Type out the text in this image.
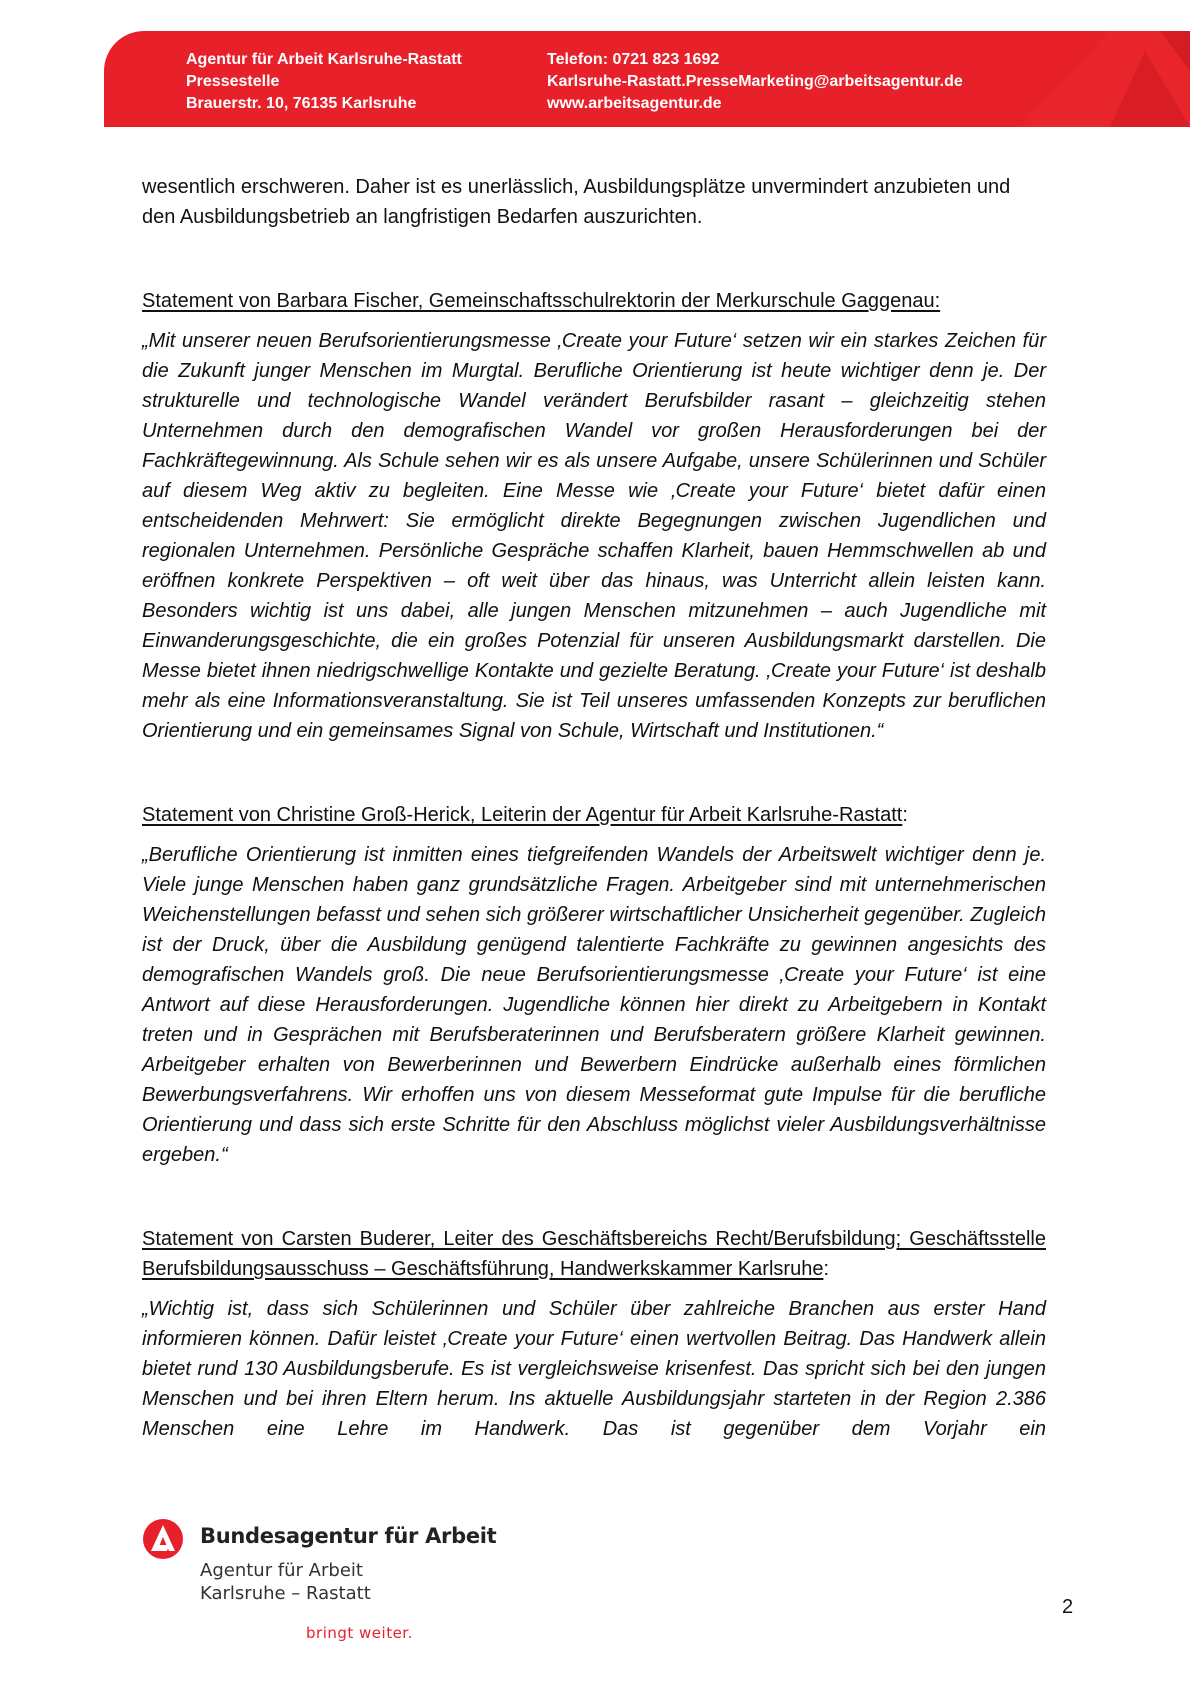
Agentur für Arbeit Karlsruhe-Rastatt
Pressestelle
Brauerstr. 10, 76135 Karlsruhe
Telefon: 0721 823 1692
Karlsruhe-Rastatt.PresseMarketing@arbeitsagentur.de
www.arbeitsagentur.de

wesentlich erschweren. Daher ist es unerlässlich, Ausbildungsplätze unvermindert anzubieten und den Ausbildungsbetrieb an langfristigen Bedarfen auszurichten.

Statement von Barbara Fischer, Gemeinschaftsschulrektorin der Merkurschule Gaggenau:

„Mit unserer neuen Berufsorientierungsmesse ‚Create your Future‘ setzen wir ein starkes Zeichen für die Zukunft junger Menschen im Murgtal. Berufliche Orientierung ist heute wichtiger denn je. Der strukturelle und technologische Wandel verändert Berufsbilder rasant – gleichzeitig stehen Unternehmen durch den demografischen Wandel vor großen Herausforderungen bei der Fachkräftegewinnung. Als Schule sehen wir es als unsere Aufgabe, unsere Schülerinnen und Schüler auf diesem Weg aktiv zu begleiten. Eine Messe wie ‚Create your Future‘ bietet dafür einen entscheidenden Mehrwert: Sie ermöglicht direkte Begegnungen zwischen Jugendlichen und regionalen Unternehmen. Persönliche Gespräche schaffen Klarheit, bauen Hemmschwellen ab und eröffnen konkrete Perspektiven – oft weit über das hinaus, was Unterricht allein leisten kann. Besonders wichtig ist uns dabei, alle jungen Menschen mitzunehmen – auch Jugendliche mit Einwanderungsgeschichte, die ein großes Potenzial für unseren Ausbildungsmarkt darstellen. Die Messe bietet ihnen niedrigschwellige Kontakte und gezielte Beratung. ‚Create your Future‘ ist deshalb mehr als eine Informationsveranstaltung. Sie ist Teil unseres umfassenden Konzepts zur beruflichen Orientierung und ein gemeinsames Signal von Schule, Wirtschaft und Institutionen.“

Statement von Christine Groß-Herick, Leiterin der Agentur für Arbeit Karlsruhe-Rastatt:

„Berufliche Orientierung ist inmitten eines tiefgreifenden Wandels der Arbeitswelt wichtiger denn je. Viele junge Menschen haben ganz grundsätzliche Fragen. Arbeitgeber sind mit unternehmerischen Weichenstellungen befasst und sehen sich größerer wirtschaftlicher Unsicherheit gegenüber. Zugleich ist der Druck, über die Ausbildung genügend talentierte Fachkräfte zu gewinnen angesichts des demografischen Wandels groß. Die neue Berufsorientierungsmesse ‚Create your Future‘ ist eine Antwort auf diese Herausforderungen. Jugendliche können hier direkt zu Arbeitgebern in Kontakt treten und in Gesprächen mit Berufsberaterinnen und Berufsberatern größere Klarheit gewinnen. Arbeitgeber erhalten von Bewerberinnen und Bewerbern Eindrücke außerhalb eines förmlichen Bewerbungsverfahrens. Wir erhoffen uns von diesem Messeformat gute Impulse für die berufliche Orientierung und dass sich erste Schritte für den Abschluss möglichst vieler Ausbildungsverhältnisse ergeben.“

Statement von Carsten Buderer, Leiter des Geschäftsbereichs Recht/Berufsbildung; Geschäftsstelle Berufsbildungsausschuss – Geschäftsführung, Handwerkskammer Karlsruhe:

„Wichtig ist, dass sich Schülerinnen und Schüler über zahlreiche Branchen aus erster Hand informieren können. Dafür leistet ‚Create your Future‘ einen wertvollen Beitrag. Das Handwerk allein bietet rund 130 Ausbildungsberufe. Es ist vergleichsweise krisenfest. Das spricht sich bei den jungen Menschen und bei ihren Eltern herum. Ins aktuelle Ausbildungsjahr starteten in der Region 2.386 Menschen eine Lehre im Handwerk. Das ist gegenüber dem Vorjahr ein

Bundesagentur für Arbeit
Agentur für Arbeit
Karlsruhe – Rastatt
bringt weiter.
2
